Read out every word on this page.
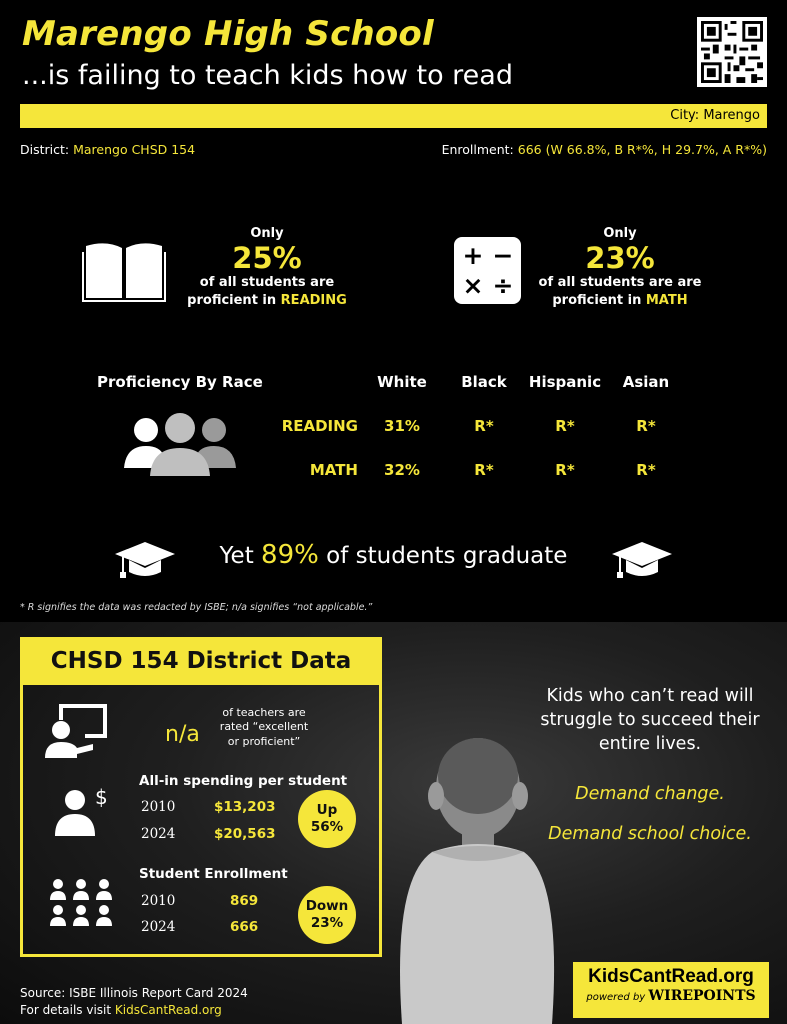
Marengo High School
...is failing to teach kids how to read
City: Marengo
District: Marengo CHSD 154	Enrollment: 666 (W 66.8%, B R*%, H 29.7%, A R*%)
Only
25%
of all students are
proficient in READING
+ −
× ÷
Only
23%
of all students are are
proficient in MATH
Proficiency By Race	White	Black	Hispanic	Asian
READING	31%	R*	R*	R*
MATH	32%	R*	R*	R*
Yet 89% of students graduate
* R signifies the data was redacted by ISBE; n/a signifies “not applicable.”
CHSD 154 District Data
n/a
of teachers are
rated “excellent
or proficient”
All-in spending per student
$ 2010	$13,203
2024	$20,563
Up
56%
Student Enrollment
2010	869
2024	666
Down
23%
Kids who can’t read will
struggle to succeed their
entire lives.
Demand change.
Demand school choice.
Source: ISBE Illinois Report Card 2024
For details visit KidsCantRead.org
KidsCantRead.org
powered by WIREPOINTS
